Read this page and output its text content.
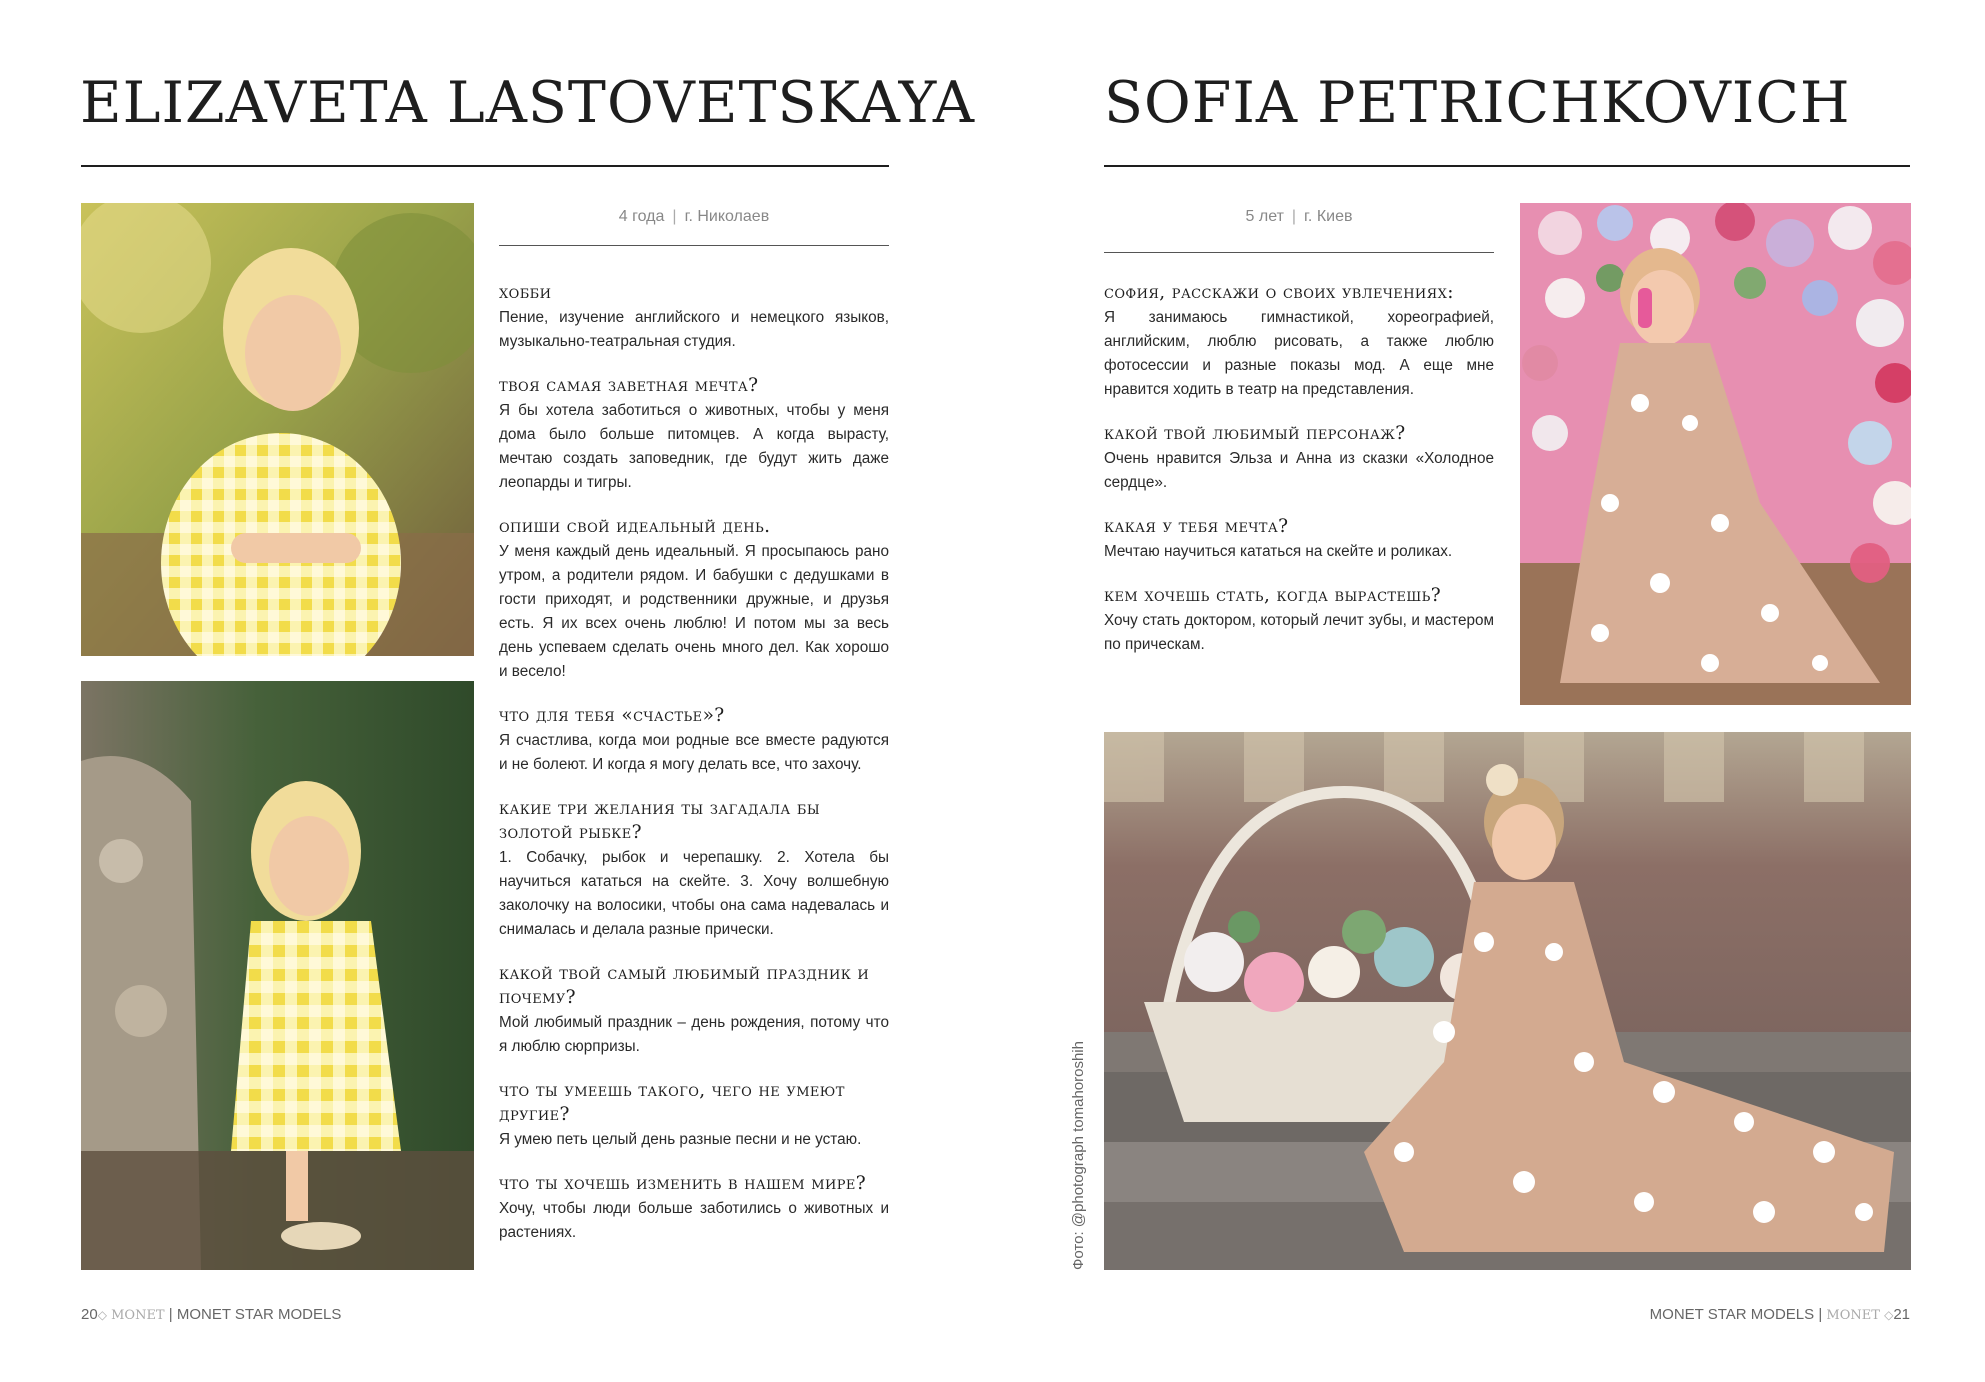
ELIZAVETA LASTOVETSKAYA
4 года | г. Николаев
хобби

Пение, изучение английского и немецкого языков, музыкально-театральная студия.

твоя самая заветная мечта?

Я бы хотела заботиться о животных, чтобы у меня дома было больше питомцев. А когда вырасту, мечтаю создать заповедник, где будут жить даже леопарды и тигры.

опиши свой идеальный день.

У меня каждый день идеальный. Я просыпаюсь рано утром, а родители рядом. И бабушки с дедушками в гости приходят, и родственники дружные, и друзья есть. Я их всех очень люблю! И потом мы за весь день успеваем сделать очень много дел. Как хорошо и весело!

что для тебя «счастье»?

Я счастлива, когда мои родные все вместе радуются и не болеют. И когда я могу делать все, что захочу.

какие три желания ты загадала бы золотой рыбке?

1. Собачку, рыбок и черепашку. 2. Хотела бы научиться кататься на скейте. 3. Хочу волшебную заколочку на волосики, чтобы она сама надевалась и снималась и делала разные прически.

какой твой самый любимый праздник и почему?

Мой любимый праздник – день рождения, потому что я люблю сюрпризы.

что ты умеешь такого, чего не умеют другие?

Я умею петь целый день разные песни и не устаю.

что ты хочешь изменить в нашем мире?

Хочу, чтобы люди больше заботились о животных и растениях.

20◇ MONET | MONET STAR MODELS
SOFIA PETRICHKOVICH
5 лет | г. Киев
софия, расскажи о своих увлечениях:

Я занимаюсь гимнастикой, хореографией, английским, люблю рисовать, а также люблю фотосессии и разные показы мод. А еще мне нравится ходить в театр на представления.

какой твой любимый персонаж?

Очень нравится Эльза и Анна из сказки «Холодное сердце».

какая у тебя мечта?

Мечтаю научиться кататься на скейте и роликах.

кем хочешь стать, когда вырастешь?

Хочу стать доктором, который лечит зубы, и мастером по прическам.

MONET STAR MODELS | MONET ◇21
Фото: @photograph tomahoroshih
